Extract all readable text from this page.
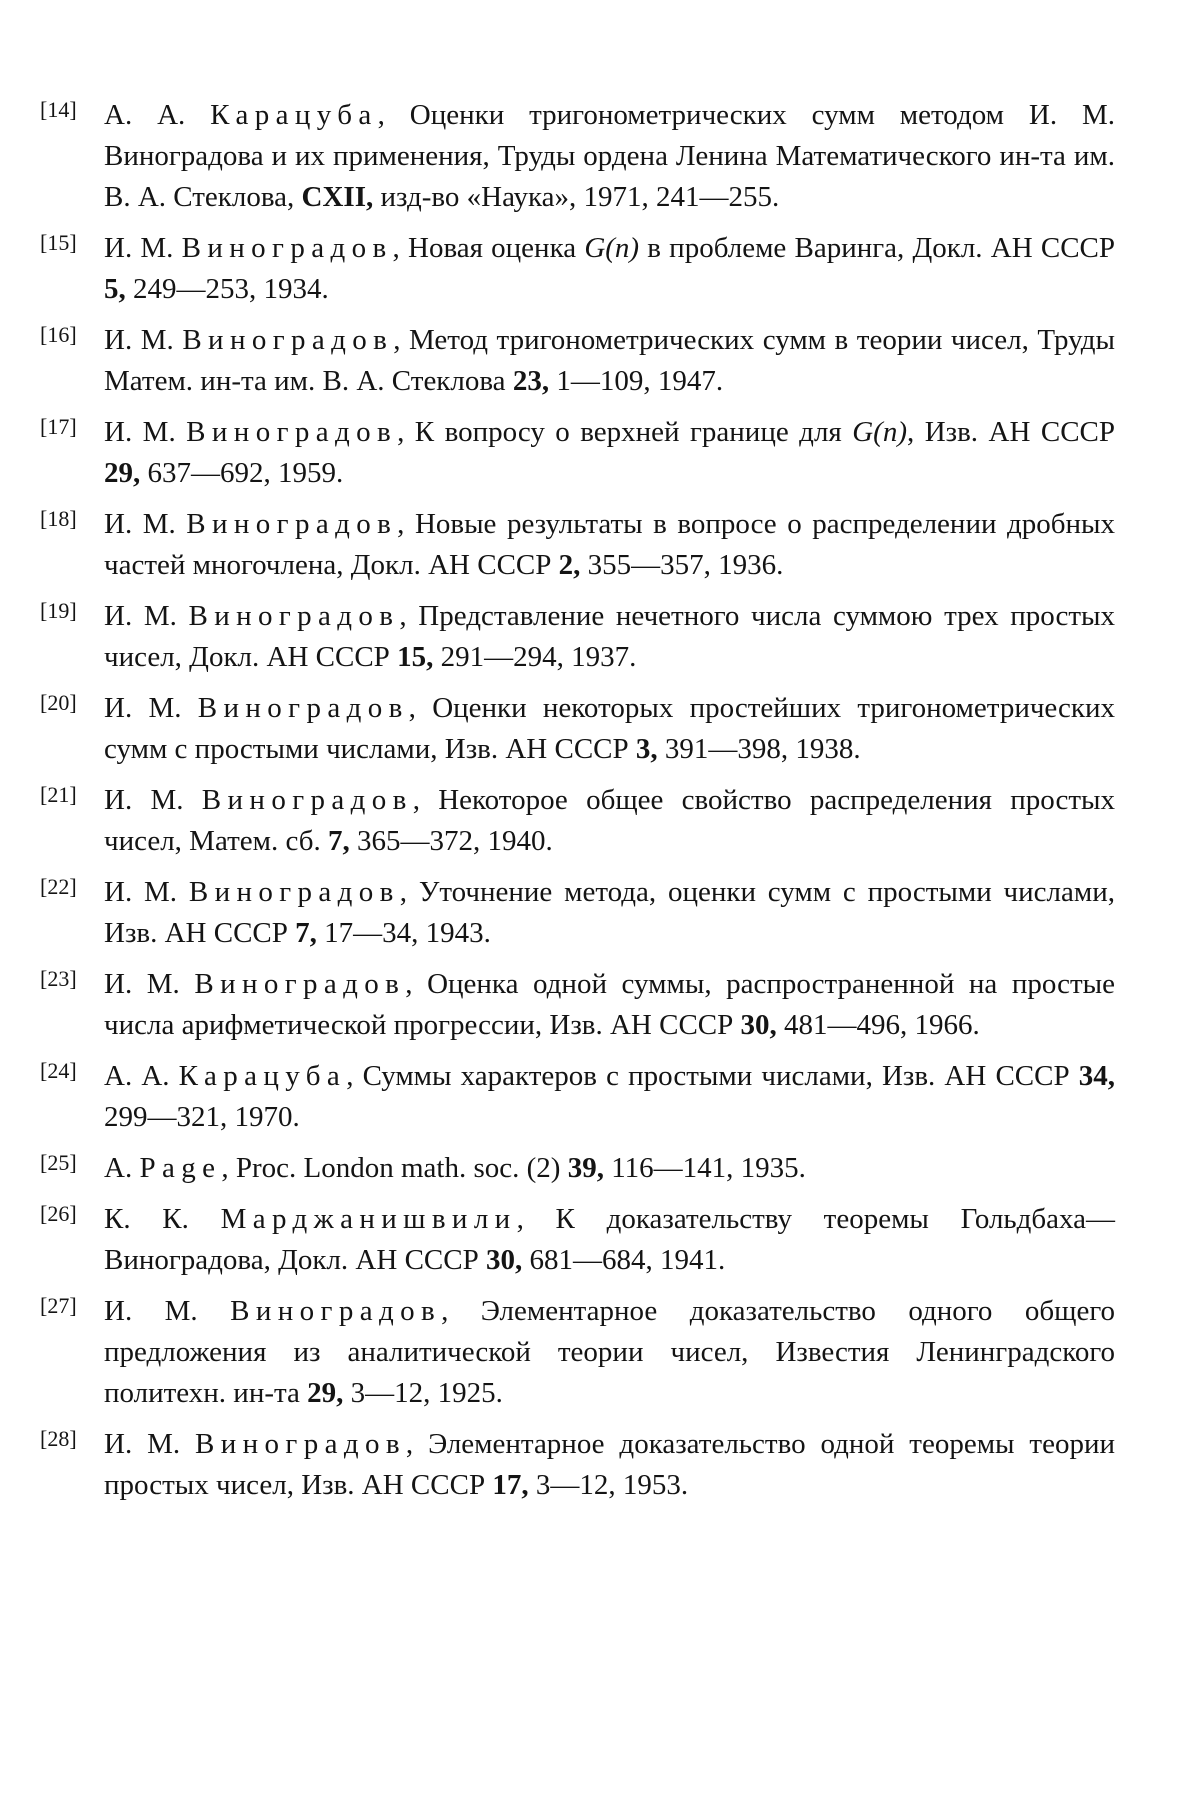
[14] А. А. Карацуба , Оценки тригонометрических сумм методом И. М. Виноградова и их применения, Труды ордена Ленина Математического ин-та им. В. А. Стеклова, CXII, изд-во «Наука», 1971, 241—255.
[15] И. М. Виноградов , Новая оценка G(n) в проблеме Варинга, Докл. АН СССР5, 249—253, 1934.
[16] И. М. Виноградов , Метод тригонометрических сумм в теории чисел, Труды Матем. ин-та им. В. А. Стеклова 23, 1—109, 1947.
[17] И. М. Виноградов , К вопросу о верхней границе для G(n), Изв. АН СССР29, 637—692, 1959.
[18] И. М. Виноградов , Новые результаты в вопросе о распределении дробных частей многочлена, Докл. АН СССР 2, 355—357, 1936.
[19] И. М. Виноградов , Представление нечетного числа суммою трех простых чисел, Докл. АН СССР 15, 291—294, 1937.
[20] И. М. Виноградов , Оценки некоторых простейших тригонометрических сумм с простыми числами, Изв. АН СССР 3, 391—398, 1938.
[21] И. М. Виноградов , Некоторое общее свойство распределения простых чисел, Матем. сб. 7, 365—372, 1940.
[22] И. М. Виноградов , Уточнение метода, оценки сумм с простыми числами, Изв. АН СССР 7, 17—34, 1943.
[23] И. М. Виноградов , Оценка одной суммы, распространенной на простые числа арифметической прогрессии, Изв. АН СССР 30, 481—496, 1966.
[24] А. А. Карацуба , Суммы характеров с простыми числами, Изв. АН СССР 34,299—321, 1970.
[25] A. Page , Proc. London math. soc. (2) 39, 116—141, 1935.
[26] К. К. Марджанишвили , К доказательству теоремы Гольдбаха—Виноградова, Докл. АН СССР 30, 681—684, 1941.
[27] И. М. Виноградов , Элементарное доказательство одного общего предложения из аналитической теории чисел, Известия Ленинградского политехн. ин-та 29, 3—12, 1925.
[28] И. М. Виноградов , Элементарное доказательство одной теоремы теории простых чисел, Изв. АН СССР 17, 3—12, 1953.
